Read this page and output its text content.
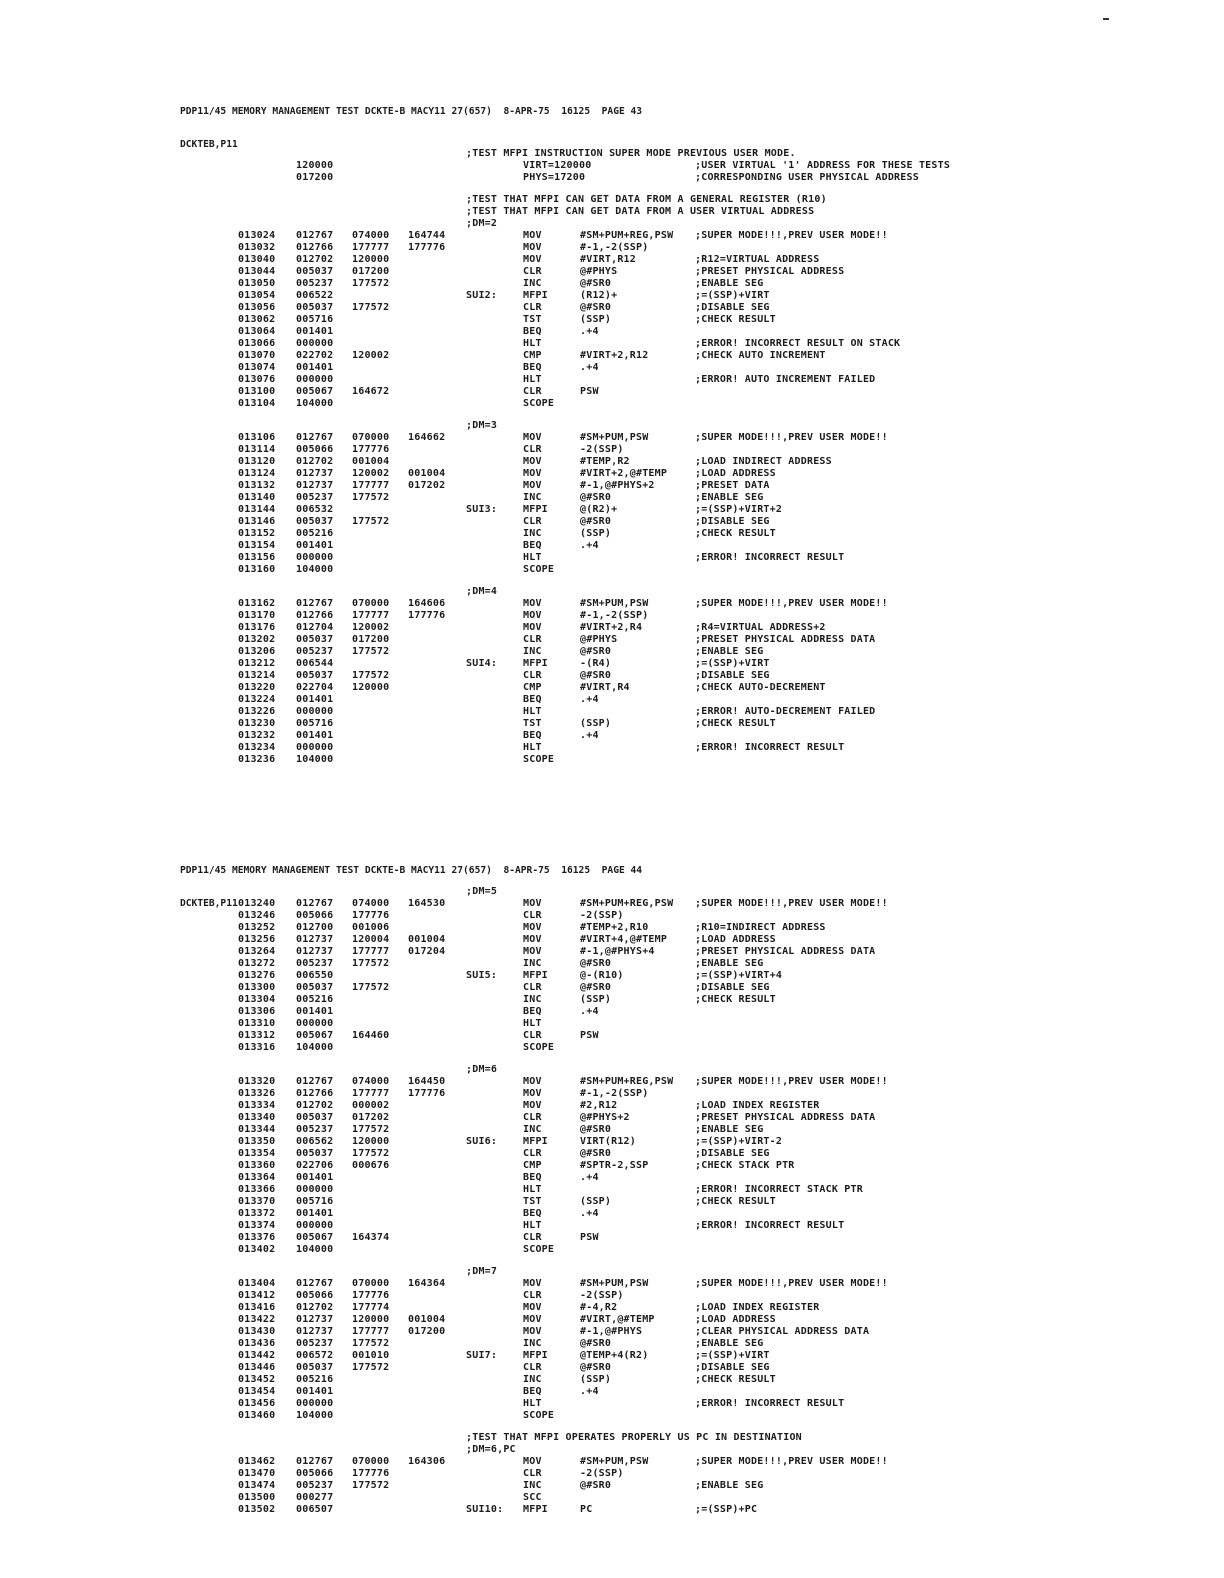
PDP11/45 MEMORY MANAGEMENT TEST DCKTE-B MACY11 27(657)  8-APR-75  16125  PAGE 43

DCKTEB,P11

PDP11/45 MEMORY MANAGEMENT TEST DCKTE-B MACY11 27(657)  8-APR-75  16125  PAGE 44

DCKTEB,P11

;TEST MFPI INSTRUCTION SUPER MODE PREVIOUS USER MODE.
120000	VIRT=120000	;USER VIRTUAL '1' ADDRESS FOR THESE TESTS
017200	PHYS=17200	;CORRESPONDING USER PHYSICAL ADDRESS
;TEST THAT MFPI CAN GET DATA FROM A GENERAL REGISTER (R10)
;TEST THAT MFPI CAN GET DATA FROM A USER VIRTUAL ADDRESS
;DM=2
013024 012767 074000 164744	MOV	#SM+PUM+REG,PSW ;SUPER MODE!!!,PREV USER MODE!!
013032 012766 177777 177776	MOV	#-1,-2(SSP)
013040 012702 120000	MOV	#VIRT,R12	;R12=VIRTUAL ADDRESS
013044 005037 017200	CLR	@#PHYS	;PRESET PHYSICAL ADDRESS
013050 005237 177572	INC	@#SR0	;ENABLE SEG
013054 006522	SUI2:	MFPI	(R12)+	;=(SSP)+VIRT
013056 005037 177572	CLR	@#SR0	;DISABLE SEG
013062 005716	TST	(SSP)	;CHECK RESULT
013064 001401	BEQ	.+4
013066 000000	HLT	;ERROR! INCORRECT RESULT ON STACK
013070 022702 120002	CMP	#VIRT+2,R12	;CHECK AUTO INCREMENT
013074 001401	BEQ	.+4
013076 000000	HLT	;ERROR! AUTO INCREMENT FAILED
013100 005067 164672	CLR	PSW
013104 104000	SCOPE
;DM=3
013106 012767 070000 164662	MOV	#SM+PUM,PSW	;SUPER MODE!!!,PREV USER MODE!!
013114 005066 177776	CLR	-2(SSP)
013120 012702 001004	MOV	#TEMP,R2	;LOAD INDIRECT ADDRESS
013124 012737 120002 001004	MOV	#VIRT+2,@#TEMP	;LOAD ADDRESS
013132 012737 177777 017202	MOV	#-1,@#PHYS+2	;PRESET DATA
013140 005237 177572	INC	@#SR0	;ENABLE SEG
013144 006532	SUI3:	MFPI	@(R2)+	;=(SSP)+VIRT+2
013146 005037 177572	CLR	@#SR0	;DISABLE SEG
013152 005216	INC	(SSP)	;CHECK RESULT
013154 001401	BEQ	.+4
013156 000000	HLT	;ERROR! INCORRECT RESULT
013160 104000	SCOPE
;DM=4
013162 012767 070000 164606	MOV	#SM+PUM,PSW	;SUPER MODE!!!,PREV USER MODE!!
013170 012766 177777 177776	MOV	#-1,-2(SSP)
013176 012704 120002	MOV	#VIRT+2,R4	;R4=VIRTUAL ADDRESS+2
013202 005037 017200	CLR	@#PHYS	;PRESET PHYSICAL ADDRESS DATA
013206 005237 177572	INC	@#SR0	;ENABLE SEG
013212 006544	SUI4:	MFPI	-(R4)	;=(SSP)+VIRT
013214 005037 177572	CLR	@#SR0	;DISABLE SEG
013220 022704 120000	CMP	#VIRT,R4	;CHECK AUTO-DECREMENT
013224 001401	BEQ	.+4
013226 000000	HLT	;ERROR! AUTO-DECREMENT FAILED
013230 005716	TST	(SSP)	;CHECK RESULT
013232 001401	BEQ	.+4
013234 000000	HLT	;ERROR! INCORRECT RESULT
013236 104000	SCOPE
;DM=5
013240 012767 074000 164530	MOV	#SM+PUM+REG,PSW ;SUPER MODE!!!,PREV USER MODE!!
013246 005066 177776	CLR	-2(SSP)
013252 012700 001006	MOV	#TEMP+2,R10	;R10=INDIRECT ADDRESS
013256 012737 120004 001004	MOV	#VIRT+4,@#TEMP	;LOAD ADDRESS
013264 012737 177777 017204	MOV	#-1,@#PHYS+4	;PRESET PHYSICAL ADDRESS DATA
013272 005237 177572	INC	@#SR0	;ENABLE SEG
013276 006550	SUI5:	MFPI	@-(R10)	;=(SSP)+VIRT+4
013300 005037 177572	CLR	@#SR0	;DISABLE SEG
013304 005216	INC	(SSP)	;CHECK RESULT
013306 001401	BEQ	.+4
013310 000000	HLT
013312 005067 164460	CLR	PSW
013316 104000	SCOPE
;DM=6
013320 012767 074000 164450	MOV	#SM+PUM+REG,PSW ;SUPER MODE!!!,PREV USER MODE!!
013326 012766 177777 177776	MOV	#-1,-2(SSP)
013334 012702 000002	MOV	#2,R12	;LOAD INDEX REGISTER
013340 005037 017202	CLR	@#PHYS+2	;PRESET PHYSICAL ADDRESS DATA
013344 005237 177572	INC	@#SR0	;ENABLE SEG
013350 006562 120000	SUI6:	MFPI	VIRT(R12)	;=(SSP)+VIRT-2
013354 005037 177572	CLR	@#SR0	;DISABLE SEG
013360 022706 000676	CMP	#SPTR-2,SSP	;CHECK STACK PTR
013364 001401	BEQ	.+4
013366 000000	HLT	;ERROR! INCORRECT STACK PTR
013370 005716	TST	(SSP)	;CHECK RESULT
013372 001401	BEQ	.+4
013374 000000	HLT	;ERROR! INCORRECT RESULT
013376 005067 164374	CLR	PSW
013402 104000	SCOPE
;DM=7
013404 012767 070000 164364	MOV	#SM+PUM,PSW	;SUPER MODE!!!,PREV USER MODE!!
013412 005066 177776	CLR	-2(SSP)
013416 012702 177774	MOV	#-4,R2	;LOAD INDEX REGISTER
013422 012737 120000 001004	MOV	#VIRT,@#TEMP	;LOAD ADDRESS
013430 012737 177777 017200	MOV	#-1,@#PHYS	;CLEAR PHYSICAL ADDRESS DATA
013436 005237 177572	INC	@#SR0	;ENABLE SEG
013442 006572 001010	SUI7:	MFPI	@TEMP+4(R2)	;=(SSP)+VIRT
013446 005037 177572	CLR	@#SR0	;DISABLE SEG
013452 005216	INC	(SSP)	;CHECK RESULT
013454 001401	BEQ	.+4
013456 000000	HLT	;ERROR! INCORRECT RESULT
013460 104000	SCOPE
;TEST THAT MFPI OPERATES PROPERLY US PC IN DESTINATION
;DM=6,PC
013462 012767 070000 164306	MOV	#SM+PUM,PSW	;SUPER MODE!!!,PREV USER MODE!!
013470 005066 177776	CLR	-2(SSP)
013474 005237 177572	INC	@#SR0	;ENABLE SEG
013500 000277	SCC
013502 006507	SUI10: MFPI	PC	;=(SSP)+PC
